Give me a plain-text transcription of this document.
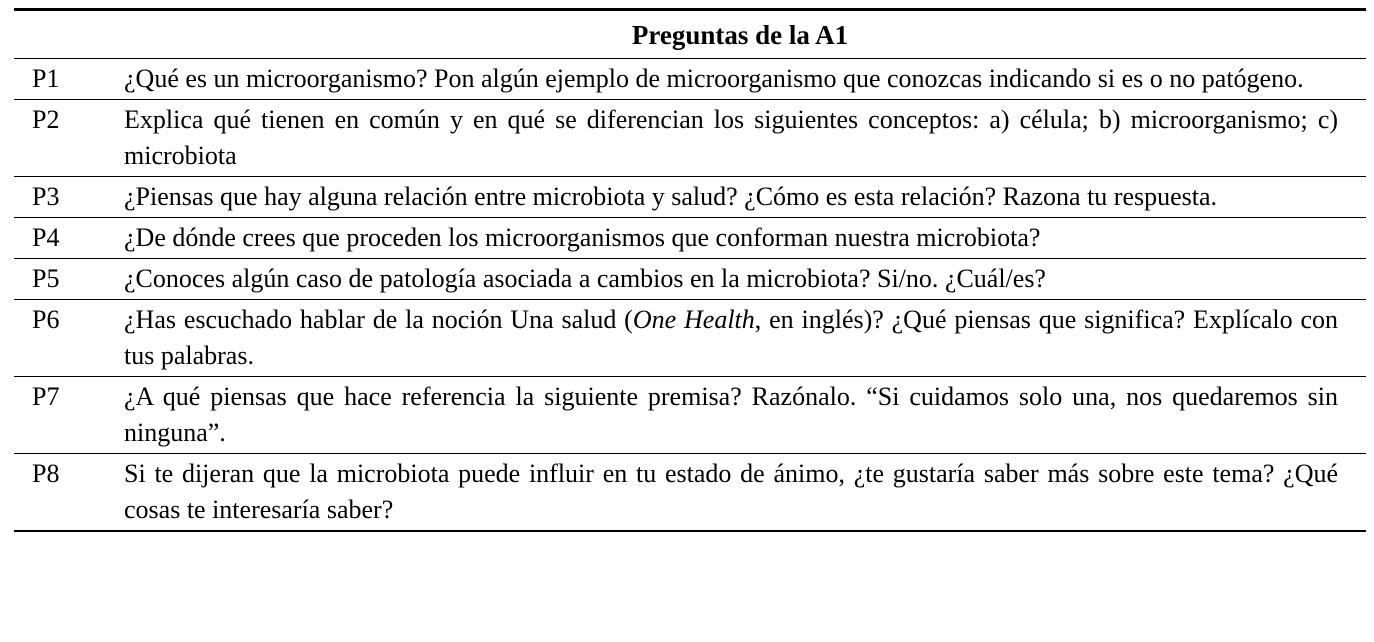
Preguntas de la A1	
P1	¿Qué es un microorganismo? Pon algún ejemplo de microorganismo que conozcas indicando si es o no patógeno.
P2	Explica qué tienen en común y en qué se diferencian los siguientes conceptos: a) célula; b) microorganismo; c) microbiota
P3	¿Piensas que hay alguna relación entre microbiota y salud? ¿Cómo es esta relación? Razona tu respuesta.
P4	¿De dónde crees que proceden los microorganismos que conforman nuestra microbiota?
P5	¿Conoces algún caso de patología asociada a cambios en la microbiota? Si/no. ¿Cuál/es?
P6	¿Has escuchado hablar de la noción Una salud (One Health, en inglés)? ¿Qué piensas que significa? Explícalo con tus palabras.
P7	¿A qué piensas que hace referencia la siguiente premisa? Razónalo. “Si cuidamos solo una, nos quedaremos sin ninguna”.
P8	Si te dijeran que la microbiota puede influir en tu estado de ánimo, ¿te gustaría saber más sobre este tema? ¿Qué cosas te interesaría saber?
